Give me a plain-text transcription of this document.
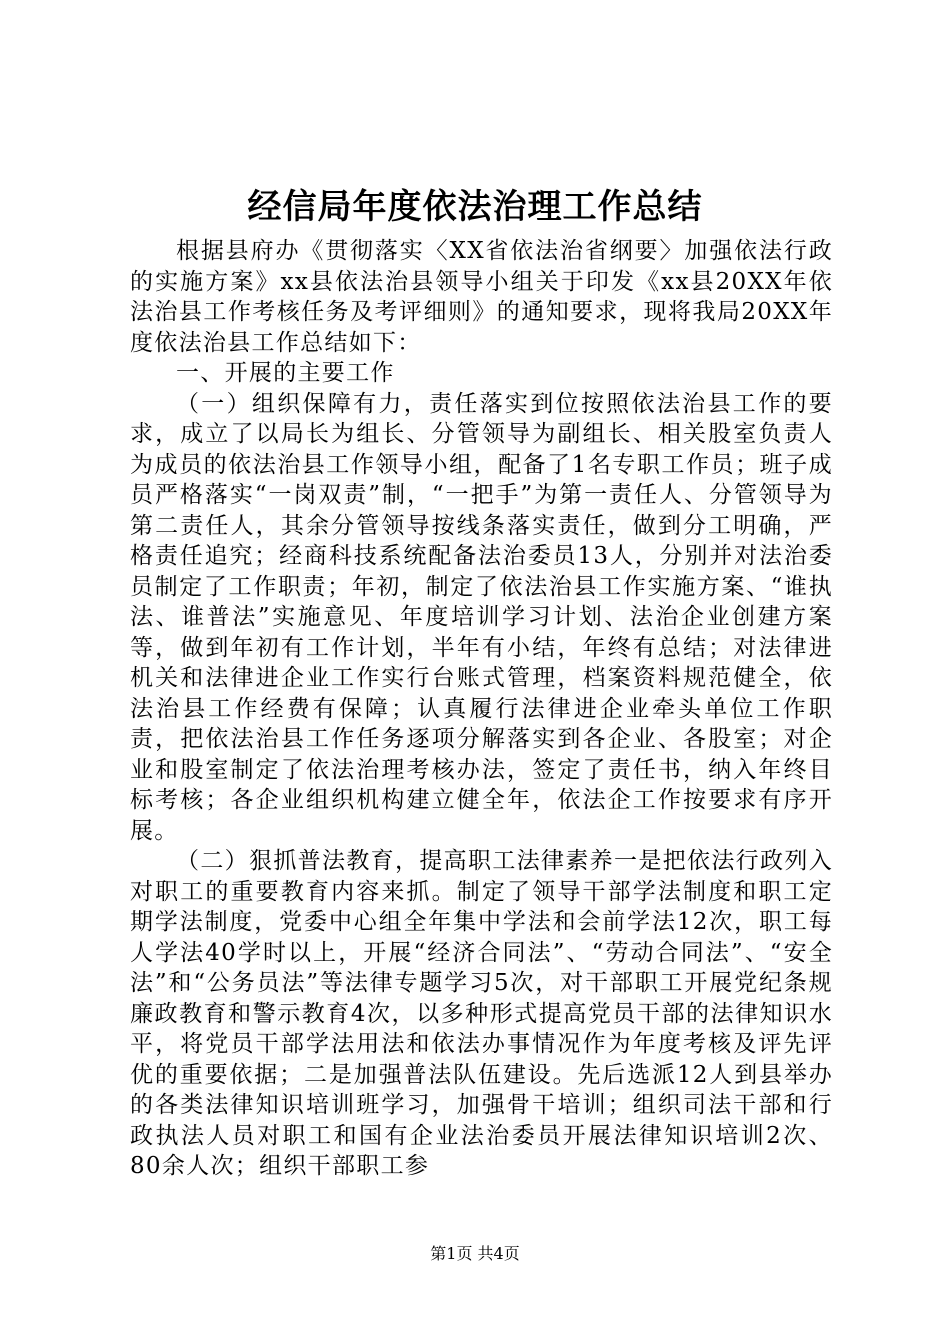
经信局年度依法治理工作总结

根据县府办《贯彻落实〈XX省依法治省纲要〉加强依法行政的实施方案》xx县依法治县领导小组关于印发《xx县20XX年依法治县工作考核任务及考评细则》的通知要求，现将我局20XX年度依法治县工作总结如下：

一、开展的主要工作

（一）组织保障有力，责任落实到位按照依法治县工作的要求，成立了以局长为组长、分管领导为副组长、相关股室负责人为成员的依法治县工作领导小组，配备了1名专职工作员；班子成员严格落实“一岗双责”制，“一把手”为第一责任人、分管领导为第二责任人，其余分管领导按线条落实责任，做到分工明确，严格责任追究；经商科技系统配备法治委员13人，分别并对法治委员制定了工作职责；年初，制定了依法治县工作实施方案、“谁执法、谁普法”实施意见、年度培训学习计划、法治企业创建方案等，做到年初有工作计划，半年有小结，年终有总结；对法律进机关和法律进企业工作实行台账式管理，档案资料规范健全，依法治县工作经费有保障；认真履行法律进企业牵头单位工作职责，把依法治县工作任务逐项分解落实到各企业、各股室；对企业和股室制定了依法治理考核办法，签定了责任书，纳入年终目标考核；各企业组织机构建立健全年，依法企工作按要求有序开展。

（二）狠抓普法教育，提高职工法律素养一是把依法行政列入对职工的重要教育内容来抓。制定了领导干部学法制度和职工定期学法制度，党委中心组全年集中学法和会前学法12次，职工每人学法40学时以上，开展“经济合同法”、“劳动合同法”、“安全法”和“公务员法”等法律专题学习5次，对干部职工开展党纪条规廉政教育和警示教育4次，以多种形式提高党员干部的法律知识水平，将党员干部学法用法和依法办事情况作为年度考核及评先评优的重要依据；二是加强普法队伍建设。先后选派12人到县举办的各类法律知识培训班学习，加强骨干培训；组织司法干部和行政执法人员对职工和国有企业法治委员开展法律知识培训2次、80余人次；组织干部职工参

第1页 共4页
